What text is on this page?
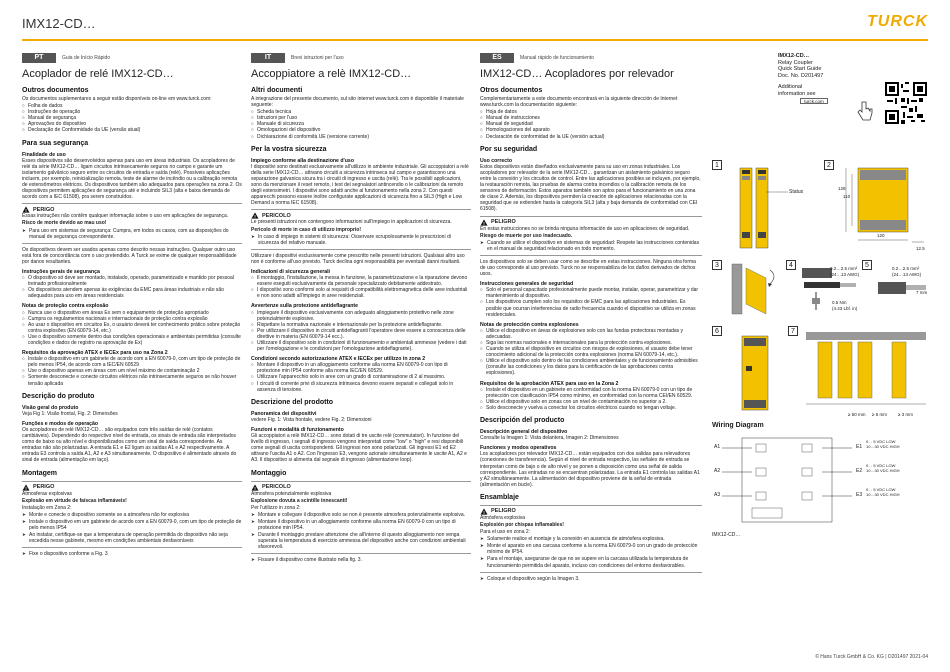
IMX12-CD…	TURCK
PT	Guia de Início Rápido
Acoplador de relé IMX12-CD…
Outros documentos

Os documentos suplementares a seguir estão disponíveis on-line em www.turck.com:

○ Folha de dados
○ Instruções de operação
○ Manual de segurança
○ Aprovações do dispositivo
○ Declaração de Conformidade da UE (versão atual)
Para sua segurança
Finalidade de uso

Esses dispositivos são desenvolvidos apenas para uso em áreas industriais. Os acopladores de relé da série IMX12-CD… ligam circuitos intrinsecamente seguros no campo e garante um isolamento galvânico seguro entre os circuitos de entrada e saída (relé). Possíveis aplicações incluem, por exemplo, reinicialização remota, teste de alarme de incêndio ou a calibração remota de extensômetros elétricos. Os dispositivos também são adequados para operações na zona 2. Os dispositivos permitem aplicações de segurança até e incluindo SIL3 (alta e baixa demanda de acordo com a IEC 61508), pra serem construídos.

! PERIGO

Essas instruções não contêm qualquer informação sobre o uso em aplicações de segurança.

Risco de morte devido ao mau uso!

➤ Para uso em sistemas de segurança: Cumpra, em todos os casos, com as disposições do manual de segurança correspondente.

Os dispositivos devem ser usados apenas como descrito nessas instruções. Qualquer outro uso está fora de concordância com o uso pretendido. A Turck se exime de qualquer responsabilidade por danos resultantes.

Instruções gerais de segurança
○ O dispositivo só deve ser montado, instalado, operado, parametrizado e mantido por pessoal treinado profissionalmente
○ Os dispositivos atendem apenas às exigências da EMC para áreas industriais e não são adequados para uso em áreas residenciais
Notas de proteção contra explosão
○ Nunca use o dispositivo em áreas Ex sem o equipamento de proteção apropriado
○ Cumpra os regulamentos nacionais e internacionais de proteção contra explosão
○ Ao usar o dispositivo em circuitos Ex, o usuário deverá ter conhecimento prático sobre proteção contra explosões (EN 60079-14, etc.)
○ Use o dispositivo somente dentro das condições operacionais e ambientais permitidas (consulte condições e dados de registro na aprovação de Ex)
Requisitos da aprovação ATEX e IECEx para uso na Zona 2
○ Instale o dispositivo em um gabinete de acordo com a EN 60079-0, com um tipo de proteção de pelo menos IP54, de acordo com a IEC/EN 60529
○ Use o dispositivo apenas em áreas com um nível máximo de contaminação 2
○ Somente desconecte e conecte circuitos elétricos não intrinsecamente seguros se não houver tensão aplicada
Descrição do produto
Visão geral do produto

Veja Fig 1: Visão frontal, Fig. 2: Dimensões

Funções e modos de operação

Os acopladores de relé IMX12-CD… são equipados com três saídas de relé (contatos cambiáveis). Dependendo do respectivo nível de entrada, os sinais de entrada são interpretados como de baixo ou alto nível e disponibilizados como um sinal de saída correspondente. As entradas não são polarizadas. A entrada E1 e E2 ligam as saídas A1 e A2 respectivamente. A entrada E3 controla a saída A1, A2 e A3 simultaneamente. O dispositivo é alimentado através do sinal de entrada (alimentação em laço).

Montagem
! PERIGO

Atmosferas explosivas

Explosão em virtude de faíscas inflamáveis!

Instalação em Zona 2:

➤ Monte e conecte o dispositivo somente se a atmosfera não for explosiva

➤ Instale o dispositivo em um gabinete de acordo com a EN 60079-0, com um tipo de proteção de pelo menos IP54

➤ Ao instalar, certifique-se que a temperatura de operação permitida do dispositivo não seja excedida nesse gabinete, mesmo em condições ambientais desfavoráveis

➤ Fixe o dispositivo conforme a Fig. 3

IT	Brevi istruzioni per l'uso
Accoppiatore a relè IMX12-CD…
Altri documenti

A integrazione del presente documento, sul sito internet www.turck.com è disponibile il materiale seguente:

○ Scheda tecnica
○ Istruzioni per l'uso
○ Manuale di sicurezza
○ Omologazioni del dispositivo
○ Dichiarazione di conformità UE (versione corrente)
Per la vostra sicurezza
Impiego conforme alla destinazione d'uso

I dispositivi sono destinati esclusivamente all'utilizzo in ambiente industriale. Gli accoppiatori a relè della serie IMX12-CD… attivano circuiti a sicurezza intrinseca sul campo e garantiscono una separazione galvanica sicura tra i circuiti di ingresso e uscita (relè). Tra le possibili applicazioni, sono da menzionare il reset remoto, i test dei segnalatori antincendio o le calibrazioni da remoto degli estensimetri. I dispositivi sono adatti anche al funzionamento nella zona 2. Con questi apparecchi possono essere inoltre configurate applicazioni di sicurezza fino a SIL3 (High e Low Demand a norma IEC 61508).

! PERICOLO

Le presenti istruzioni non contengono informazioni sull'impiego in applicazioni di sicurezza.

Pericolo di morte in caso di utilizzo improprio!

➤ In caso di impiego in sistemi di sicurezza: Osservare scrupolosamente le prescrizioni di sicurezza del relativo manuale.

Utilizzare i dispositivi esclusivamente come prescritto nelle presenti istruzioni. Qualsiasi altro uso non è conforme all'uso previsto. Turck declina ogni responsabilità per eventuali danni risultanti.

Indicazioni di sicurezza generali
○ Il montaggio, l'installazione, la messa in funzione, la parametrizzazione e la riparazione devono essere eseguiti esclusivamente da personale specializzato debitamente addestrato.
○ I dispositivi sono conformi solo ai requisiti di compatibilità elettromagnetica delle aree industriali e non sono adatti all'impiego in aree residenziali.
Avvertenze sulla protezione antideflagrante
○ Impiegare il dispositivo esclusivamente con adeguato alloggiamento protettivo nelle zone potenzialmente esplosive.
○ Rispettare la normativa nazionale e internazionale per la protezione antideflagrante.
○ Per utilizzare il dispositivo in circuiti antideflagranti l'operatore deve essere a conoscenza delle direttive in materia (EN 60079-14 ecc.).
○ Utilizzare il dispositivo solo in condizioni di funzionamento e ambientali ammesse (vedere i dati per l'omologazione e le condizioni per l'omologazione antideflagrante).
Condizioni secondo autorizzazione ATEX e IECEx per utilizzo in zona 2
○ Montare il dispositivo in un alloggiamento conforme alla norma EN 60079-0 con tipo di protezione min IP54 conforme alla norma IEC/EN 60529.
○ Utilizzare l'apparecchio solo in aree con un grado di contaminazione di 2 al massimo.
○ I circuiti di corrente privi di sicurezza intrinseca devono essere separati e collegati solo in assenza di tensione.
Descrizione del prodotto
Panoramica dei dispositivi

vedere Fig. 1: Vista frontale, vedere Fig. 2: Dimensioni

Funzioni e modalità di funzionamento

Gli accoppiatori a relè IMX12-CD… sono dotati di tre uscite relè (commutatori). In funzione del livello di ingresso, i segnali di ingresso vengono interpretati come "low" o "high" e resi disponibili come segnali di uscita corrispondenti. Gli ingressi non sono polarizzati. Gli ingressi E1 ed E2 attivano l'uscita A1 o A2. Con l'ingresso E3, vengono azionate simultaneamente le uscite A1, A2 e A3. Il dispositivo si alimenta dal segnale di ingresso (alimentazione loop).

Montaggio
! PERICOLO

Atmosfera potenzialmente esplosiva

Esplosione dovuta a scintille innescanti!

Per l'utilizzo in zona 2:

➤ Montare e collegare il dispositivo solo se non è presente atmosfera potenzialmente esplosiva.

➤ Montare il dispositivo in un alloggiamento conforme alla norma EN 60079-0 con un tipo di protezione min IP54.

➤ Durante il montaggio prestare attenzione che all'interno di questo alloggiamento non venga superata la temperatura di esercizio ammessa del dispositivo anche con condizioni ambientali sfavorevoli.

➤ Fissare il dispositivo come illustrato nella fig. 3.

ES	Manual rápido de funcionamiento
IMX12-CD… Acopladores por relevador
Otros documentos

Complementariamente a este documento encontrará en la siguiente dirección de Internet www.turck.com la documentación siguiente:

○ Hoja de datos
○ Manual de instrucciones
○ Manual de seguridad
○ Homologaciones del aparato
○ Declaración de conformidad de la UE (versión actual)
Por su seguridad
Uso correcto

Estos dispositivos están diseñados exclusivamente para su uso en zonas industriales. Los acopladores por relevador de la serie IMX12-CD… garantizan un aislamiento galvánico seguro entre la conexión y los circuitos de control. Entre las aplicaciones posibles se incluyen, por ejemplo, la restauración remota, las pruebas de alarma contra incendios o la calibración remota de los sensores de deformación. Estos aparatos también son aptos para el funcionamiento en una zona de clase 2. Además, los dispositivos permiten la creación de aplicaciones relacionadas con la seguridad que se extienden hasta la categoría SIL3 (alta y baja demanda de conformidad con CEI 61508).

! PELIGRO

En estas instrucciones no se brinda ninguna información de uso en aplicaciones de seguridad.

Riesgo de muerte por uso inadecuado.

➤ Cuando se utilice el dispositivo en sistemas de seguridad: Respete las instrucciones contenidas en el manual de seguridad relacionado en todo momento.

Los dispositivos solo se deben usar como se describe en estas instrucciones. Ninguna otra forma de uso corresponde al uso previsto. Turck no se responsabiliza de los daños derivados de dichos usos.

Instrucciones generales de seguridad
○ Solo el personal capacitado profesionalmente puede montar, instalar, operar, parametrizar y dar mantenimiento al dispositivo.
○ Los dispositivos cumplen solo los requisitos de EMC para las aplicaciones industriales. Es posible que ocurran interferencias de radio frecuencia cuando el dispositivo se utiliza en zonas residenciales.
Notas de protección contra explosiones
○ Utilice el dispositivo en áreas de explosiones solo con las fundas protectoras montadas y adecuadas.
○ Siga las normas nacionales e internacionales para la protección contra explosiones.
○ Cuando se utiliza el dispositivo en circuitos con riesgos de explosiones, el usuario debe tener conocimiento adicional de la protección contra explosiones (norma EN 60079-14, etc.).
○ Utilice el dispositivo solo dentro de las condiciones ambientales y de funcionamiento admisibles (consulte las condiciones y los datos para la certificación de las aprobaciones contra explosiones).
Requisitos de la aprobación ATEX para uso en la Zona 2
○ Instale el dispositivo en un gabinete en conformidad con la norma EN 60079-0 con un tipo de protección con clasificación IP54 como mínimo, en conformidad con la norma CEI/EN 60529.
○ Utilice el dispositivo solo en zonas con un nivel de contaminación no superior a 2.
○ Solo desconecte y vuelva a conectar los circuitos eléctricos cuando no tengan voltaje.
Descripción del producto
Descripción general del dispositivo

Consulte la Imagen 1: Vista delantera, Imagen 2: Dimensiones

Funciones y modos operativos

Los acopladores por relevador IMX12-CD… están equipados con dos salidas para relevadores (conexiones de transferencia). Según el nivel de entrada respectivo, las señales de entrada se interpretan como de bajo o de alto nivel y se ponen a disposición como una señal de salida correspondiente. Las entradas no se encuentran polarizadas. La entrada E1 controla las salidas A1 y A2 simultáneamente. La alimentación del dispositivo proviene de la señal de entrada (alimentación en bucle).

Ensamblaje
! PELIGRO

Atmósfera explosiva

Explosión por chispas inflamables!

Para el uso en zona 2:

➤ Solamente realice el montaje y la conexión en ausencia de atmósfera explosiva.

➤ Monte el aparato en una carcasa conforme a la norma EN 60079-0 con un grado de protección mínimo de IP54.

➤ Para el montaje, asegurarse de que no se supere en la carcasa utilizada la temperatura de funcionamiento permitida del aparato, incluso con condiciones del entorno desfavorables.

➤ Coloque el dispositivo según la Imagen 3.

IMX12-CD…
Relay Coupler
Quick Start Guide
Doc. No. D201497
Additional
information see
turck.com
1
Status
2
128
110
120
12.5
3	4	0.2…2.5 mm²
(24…13 AWG)
0.5 Nm
(4.43 Lbf. in)
5	0.2…2.5 mm²
(24…13 AWG)
7 mm
6	7
≥ 50 mm ≥ 6 mm ≥ 3 mm
Wiring Diagram
A1
A2
A3
E1
E2
E3
0… 5 VDC LOW
10…30 VDC HIGH
0… 5 VDC LOW
10…30 VDC HIGH
0… 5 VDC LOW
10…30 VDC HIGH
IMX12-CD…
© Hans Turck GmbH & Co. KG | D201497 2021-04
